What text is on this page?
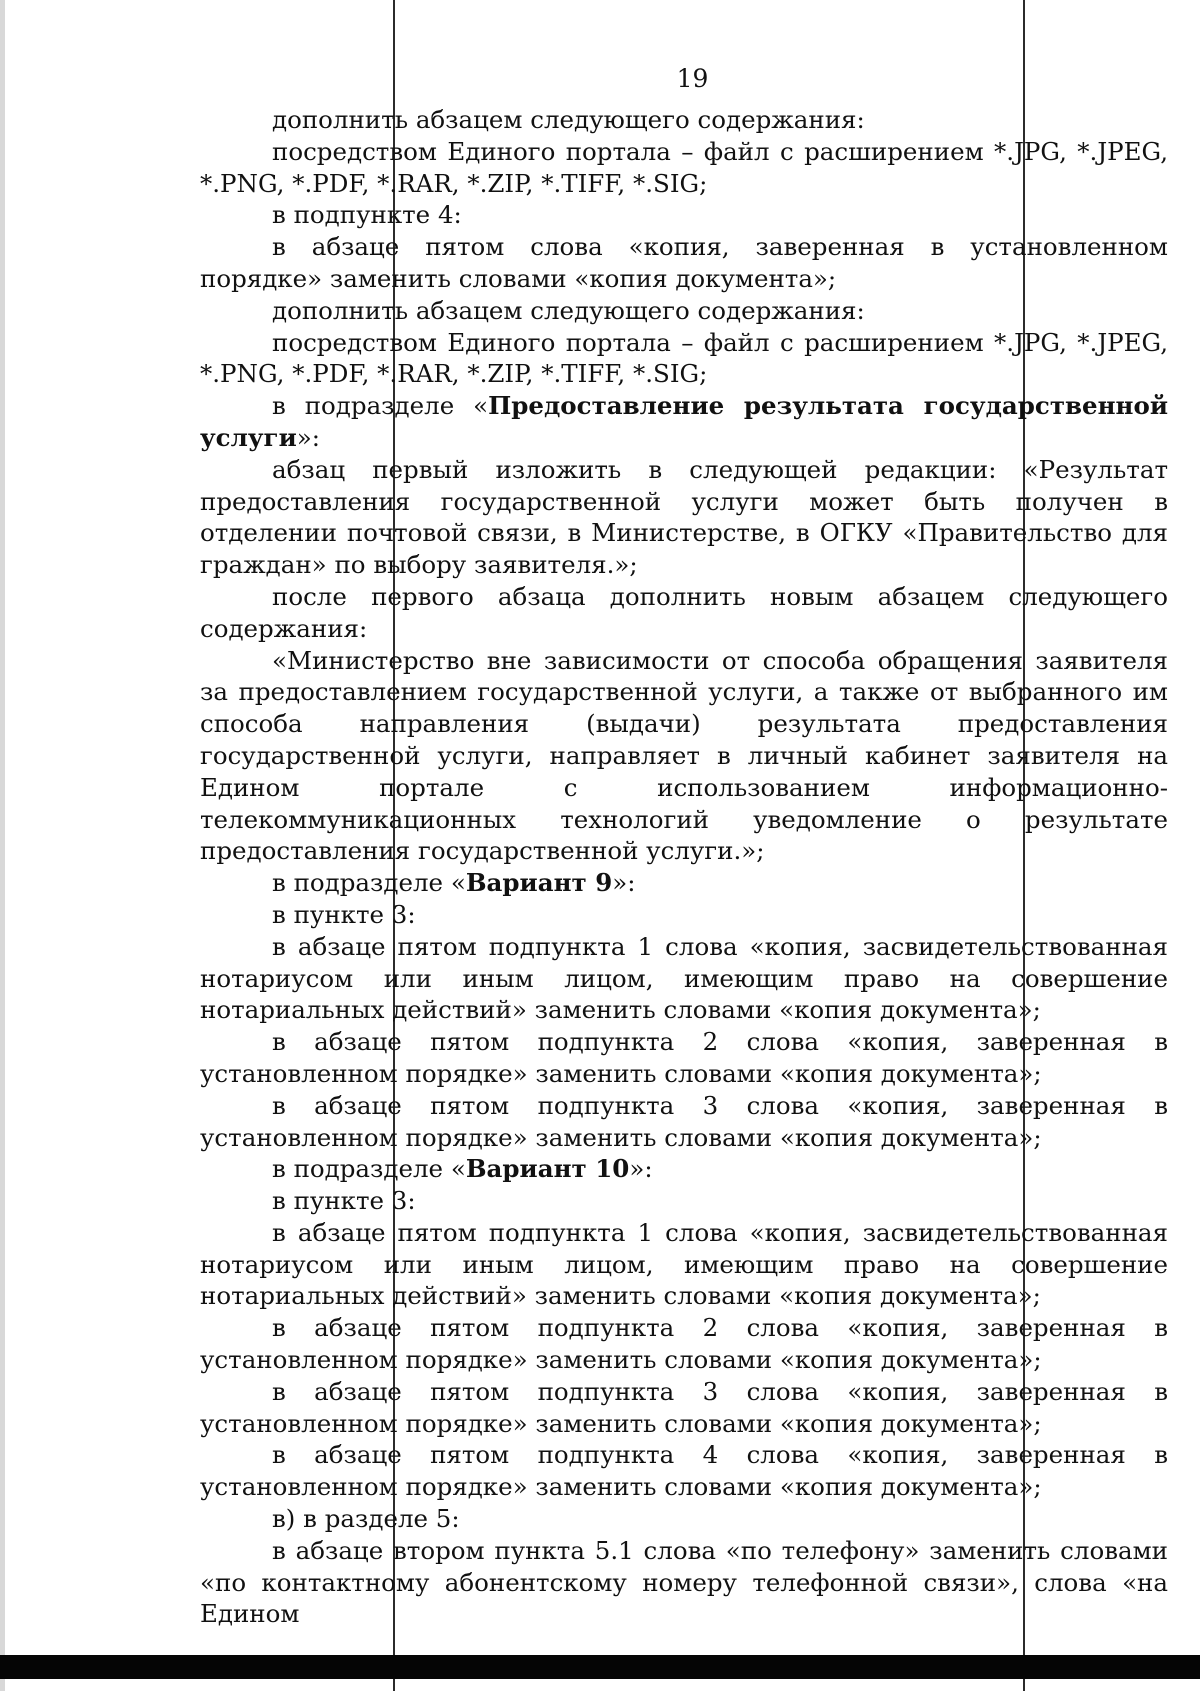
19

дополнить абзацем следующего содержания:

посредством Единого портала – файл с расширением *.JPG, *.JPEG, *.PNG, *.PDF, *.RAR, *.ZIP, *.TIFF, *.SIG;

в подпункте 4:

в абзаце пятом слова «копия, заверенная в установленном порядке» заменить словами «копия документа»;

дополнить абзацем следующего содержания:

посредством Единого портала – файл с расширением *.JPG, *.JPEG, *.PNG, *.PDF, *.RAR, *.ZIP, *.TIFF, *.SIG;

в подразделе «Предоставление результата государственной услуги»:

абзац первый изложить в следующей редакции: «Результат предоставления государственной услуги может быть получен в отделении почтовой связи, в Министерстве, в ОГКУ «Правительство для граждан» по выбору заявителя.»;

после первого абзаца дополнить новым абзацем следующего содержания:

«Министерство вне зависимости от способа обращения заявителя за предоставлением государственной услуги, а также от выбранного им способа направления (выдачи) результата предоставления государственной услуги, направляет в личный кабинет заявителя на Едином портале с использованием информационно-телекоммуникационных технологий уведомление о результате предоставления государственной услуги.»;

в подразделе «Вариант 9»:

в пункте 3:

в абзаце пятом подпункта 1 слова «копия, засвидетельствованная нотариусом или иным лицом, имеющим право на совершение нотариальных действий» заменить словами «копия документа»;

в абзаце пятом подпункта 2 слова «копия, заверенная в установленном порядке» заменить словами «копия документа»;

в абзаце пятом подпункта 3 слова «копия, заверенная в установленном порядке» заменить словами «копия документа»;

в подразделе «Вариант 10»:

в пункте 3:

в абзаце пятом подпункта 1 слова «копия, засвидетельствованная нотариусом или иным лицом, имеющим право на совершение нотариальных действий» заменить словами «копия документа»;

в абзаце пятом подпункта 2 слова «копия, заверенная в установленном порядке» заменить словами «копия документа»;

в абзаце пятом подпункта 3 слова «копия, заверенная в установленном порядке» заменить словами «копия документа»;

в абзаце пятом подпункта 4 слова «копия, заверенная в установленном порядке» заменить словами «копия документа»;

в) в разделе 5:

в абзаце втором пункта 5.1 слова «по телефону» заменить словами «по контактному абонентскому номеру телефонной связи», слова «на Едином
